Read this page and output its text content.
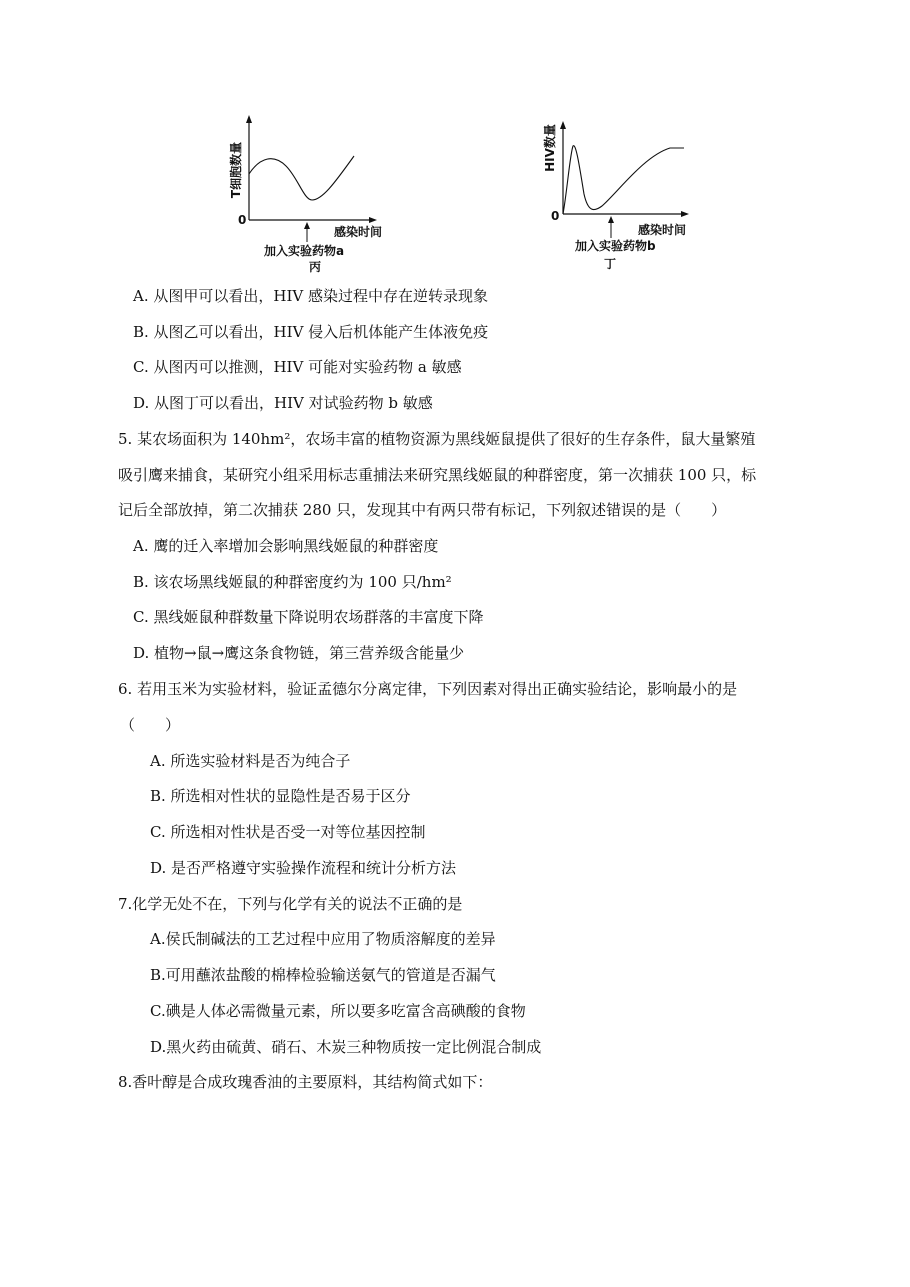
T细胞数量
0
感染时间
加入实验药物a
丙
HIV数量
0
感染时间
加入实验药物b
丁
A. 从图甲可以看出，HIV 感染过程中存在逆转录现象
B. 从图乙可以看出，HIV 侵入后机体能产生体液免疫
C. 从图丙可以推测，HIV 可能对实验药物 a 敏感
D. 从图丁可以看出，HIV 对试验药物 b 敏感
5. 某农场面积为 140hm²，农场丰富的植物资源为黑线姬鼠提供了很好的生存条件，鼠大量繁殖
吸引鹰来捕食，某研究小组采用标志重捕法来研究黑线姬鼠的种群密度，第一次捕获 100 只，标
记后全部放掉，第二次捕获 280 只，发现其中有两只带有标记，下列叙述错误的是（　　）
A. 鹰的迁入率增加会影响黑线姬鼠的种群密度
B. 该农场黑线姬鼠的种群密度约为 100 只/hm²
C. 黑线姬鼠种群数量下降说明农场群落的丰富度下降
D. 植物→鼠→鹰这条食物链，第三营养级含能量少
6. 若用玉米为实验材料，验证孟德尔分离定律，下列因素对得出正确实验结论，影响最小的是
（　　）
A. 所选实验材料是否为纯合子
B. 所选相对性状的显隐性是否易于区分
C. 所选相对性状是否受一对等位基因控制
D. 是否严格遵守实验操作流程和统计分析方法
7.化学无处不在，下列与化学有关的说法不正确的是
A.侯氏制碱法的工艺过程中应用了物质溶解度的差异
B.可用蘸浓盐酸的棉棒检验输送氨气的管道是否漏气
C.碘是人体必需微量元素，所以要多吃富含高碘酸的食物
D.黑火药由硫黄、硝石、木炭三种物质按一定比例混合制成
8.香叶醇是合成玫瑰香油的主要原料，其结构简式如下：
